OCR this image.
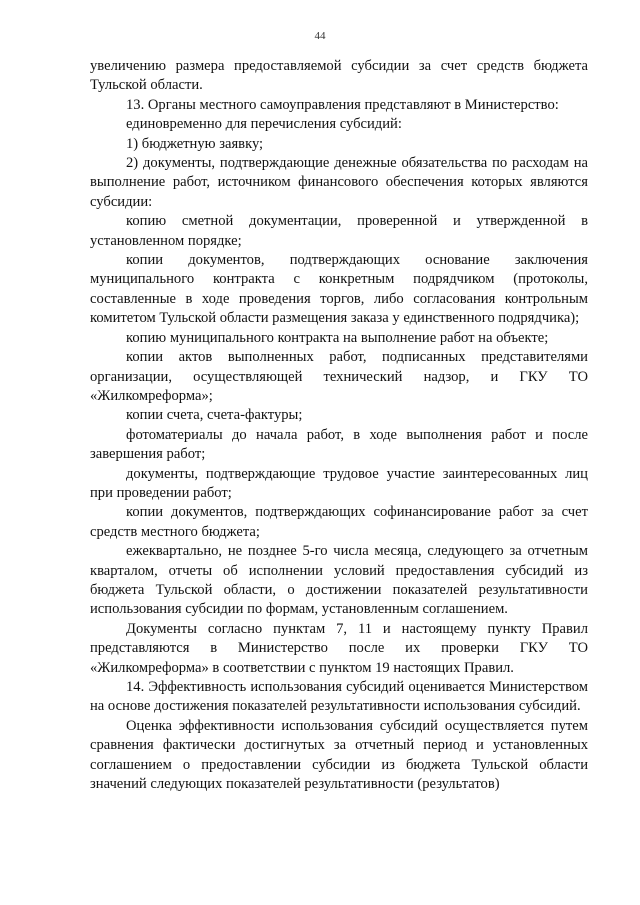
44

увеличению размера предоставляемой субсидии за счет средств бюджета Тульской области.

13. Органы местного самоуправления представляют в Министерство:

единовременно для перечисления субсидий:

1) бюджетную заявку;

2) документы, подтверждающие денежные обязательства по расходам на выполнение работ, источником финансового обеспечения которых являются субсидии:

копию сметной документации, проверенной и утвержденной в установленном порядке;

копии документов, подтверждающих основание заключения муниципального контракта с конкретным подрядчиком (протоколы, составленные в ходе проведения торгов, либо согласования контрольным комитетом Тульской области размещения заказа у единственного подрядчика);

копию муниципального контракта на выполнение работ на объекте;

копии актов выполненных работ, подписанных представителями организации, осуществляющей технический надзор, и ГКУ ТО «Жилкомреформа»;

копии счета, счета-фактуры;

фотоматериалы до начала работ, в ходе выполнения работ и после завершения работ;

документы, подтверждающие трудовое участие заинтересованных лиц при проведении работ;

копии документов, подтверждающих софинансирование работ за счет средств местного бюджета;

ежеквартально, не позднее 5-го числа месяца, следующего за отчетным кварталом, отчеты об исполнении условий предоставления субсидий из бюджета Тульской области, о достижении показателей результативности использования субсидии по формам, установленным соглашением.

Документы согласно пунктам 7, 11 и настоящему пункту Правил представляются в Министерство после их проверки ГКУ ТО «Жилкомреформа» в соответствии с пунктом 19 настоящих Правил.

14. Эффективность использования субсидий оценивается Министерством на основе достижения показателей результативности использования субсидий.

Оценка эффективности использования субсидий осуществляется путем сравнения фактически достигнутых за отчетный период и установленных соглашением о предоставлении субсидии из бюджета Тульской области значений следующих показателей результативности (результатов)
